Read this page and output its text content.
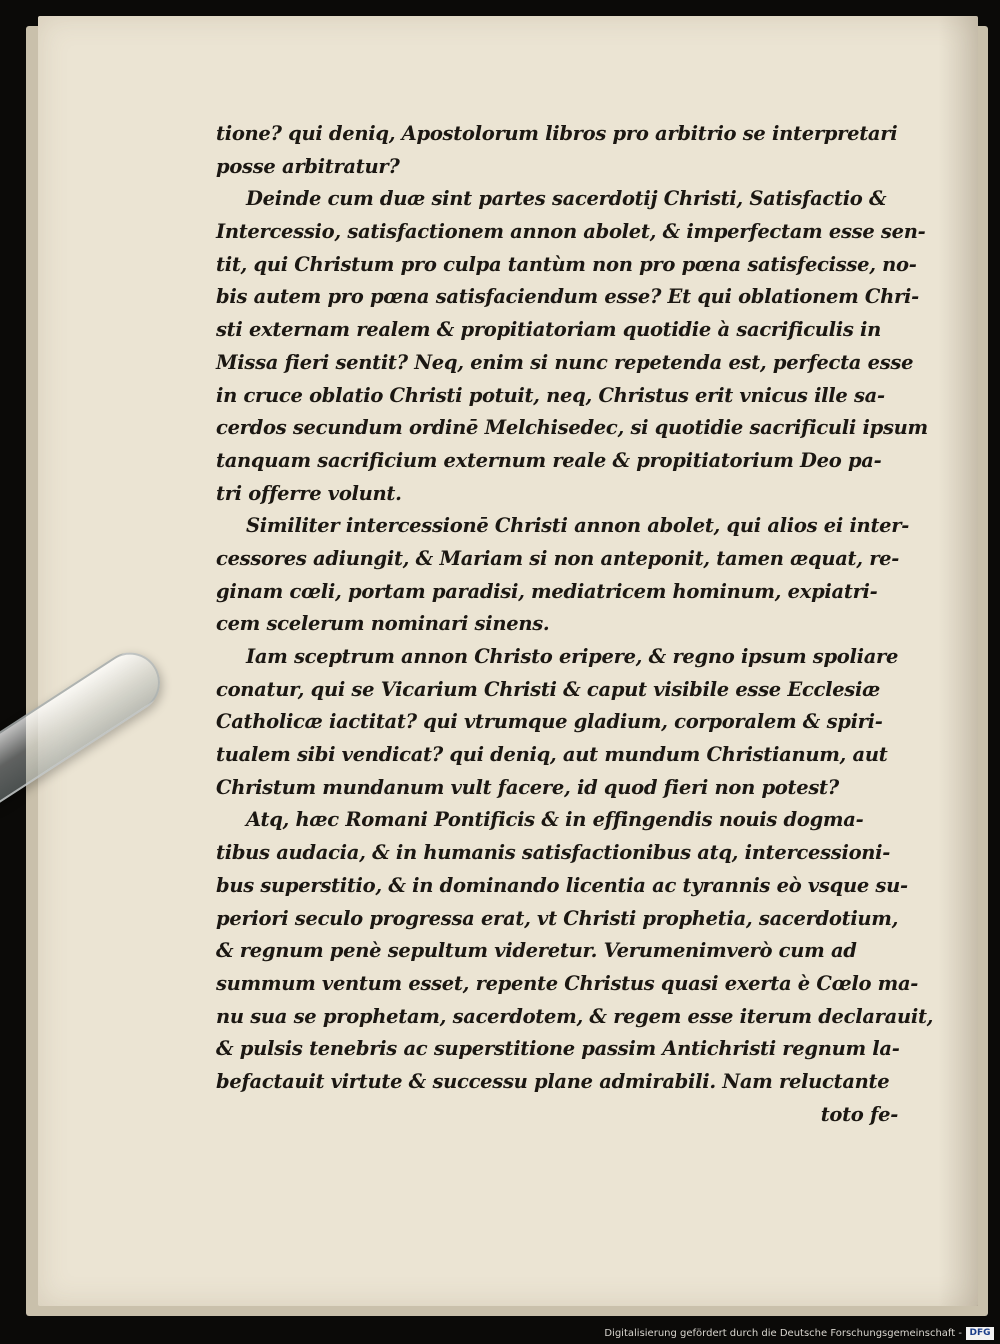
tione? qui deniq, Apostolorum libros pro arbitrio se interpretari
posse arbitratur?
Deinde cum duæ sint partes sacerdotij Christi, Satisfactio &
Intercessio, satisfactionem annon abolet, & imperfectam esse sen-
tit, qui Christum pro culpa tantùm non pro pœna satisfecisse, no-
bis autem pro pœna satisfaciendum esse? Et qui oblationem Chri-
sti externam realem & propitiatoriam quotidie à sacrificulis in
Missa fieri sentit? Neq, enim si nunc repetenda est, perfecta esse
in cruce oblatio Christi potuit, neq, Christus erit vnicus ille sa-
cerdos secundum ordinē Melchisedec, si quotidie sacrificuli ipsum
tanquam sacrificium externum reale & propitiatorium Deo pa-
tri offerre volunt.
Similiter intercessionē Christi annon abolet, qui alios ei inter-
cessores adiungit, & Mariam si non anteponit, tamen æquat, re-
ginam cœli, portam paradisi, mediatricem hominum, expiatri-
cem scelerum nominari sinens.
Iam sceptrum annon Christo eripere, & regno ipsum spoliare
conatur, qui se Vicarium Christi & caput visibile esse Ecclesiæ
Catholicæ iactitat? qui vtrumque gladium, corporalem & spiri-
tualem sibi vendicat? qui deniq, aut mundum Christianum, aut
Christum mundanum vult facere, id quod fieri non potest?
Atq, hæc Romani Pontificis & in effingendis nouis dogma-
tibus audacia, & in humanis satisfactionibus atq, intercessioni-
bus superstitio, & in dominando licentia ac tyrannis eò vsque su-
periori seculo progressa erat, vt Christi prophetia, sacerdotium,
& regnum penè sepultum videretur. Verumenimverò cum ad
summum ventum esset, repente Christus quasi exerta è Cœlo ma-
nu sua se prophetam, sacerdotem, & regem esse iterum declarauit,
& pulsis tenebris ac superstitione passim Antichristi regnum la-
befactauit virtute & successu plane admirabili. Nam reluctante
toto fe-
Digitalisierung gefördert durch die Deutsche Forschungsgemeinschaft - DFG
